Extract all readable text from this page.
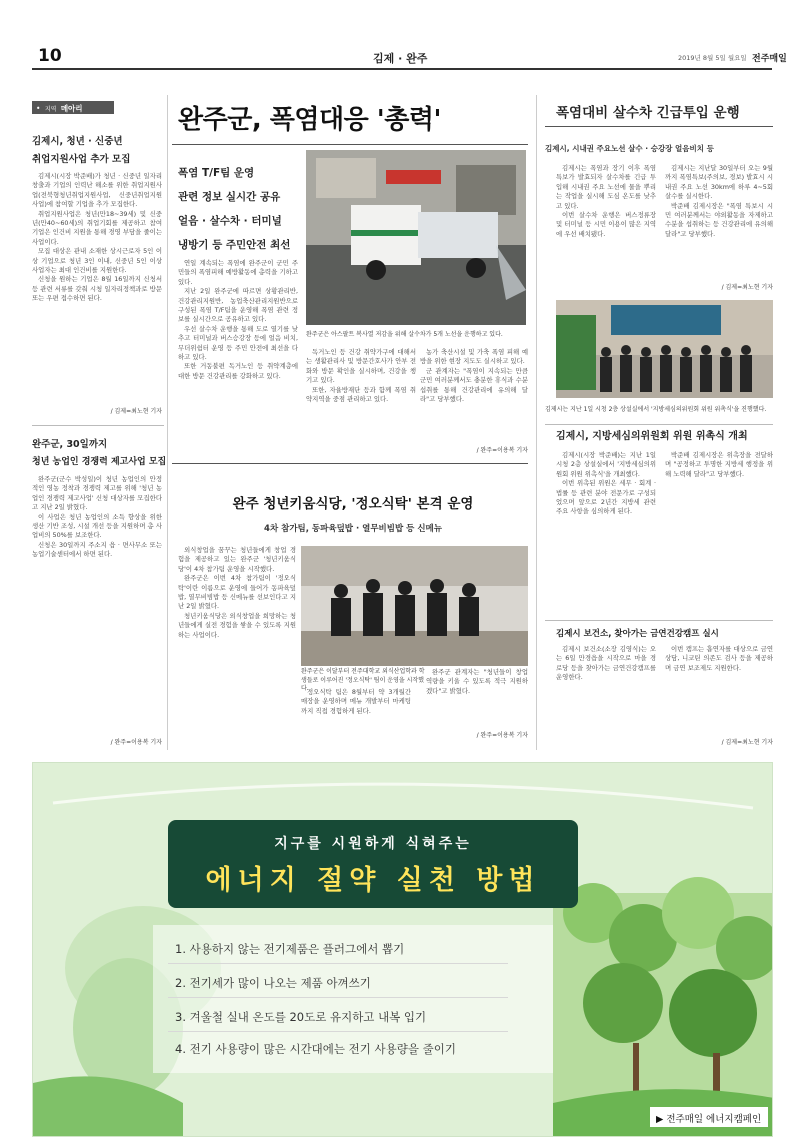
10	김제 · 완주	2019년 8월 5일 월요일 전주매일
• 지역 메아리
김제시, 청년 · 신중년
취업지원사업 추가 모집

김제시(시장 박준배)가 청년 · 신중년 일자리 창출과 기업의 인력난 해소를 위한 취업지원사업(전북형청년취업지원사업, 신중년취업지원사업)에 참여할 기업을 추가 모집한다.

취업지원사업은 청년(만18~39세) 및 신중년(만40~60세)의 취업기회를 제공하고 참여기업은 인건비 지원을 통해 경영 부담을 줄이는 사업이다.

모집 대상은 관내 소재한 상시근로자 5인 이상 기업으로 청년 3인 이내, 신중년 5인 이상 사업자는 최대 인건비를 지원한다.

신청을 원하는 기업은 8월 16일까지 신청서 등 관련 서류를 갖춰 시청 일자리정책과로 방문 또는 우편 접수하면 된다.

/ 김제=최노현 기자
완주군, 30일까지
청년 농업인 경쟁력 제고사업 모집

완주군(군수 박성일)이 청년 농업인의 안정적인 영농 정착과 경쟁력 제고를 위해 '청년 농업인 경쟁력 제고사업' 신청 대상자를 모집한다고 지난 2일 밝혔다.

이 사업은 청년 농업인의 소득 향상을 위한 생산 기반 조성, 시설 개선 등을 지원하며 총 사업비의 50%를 보조한다.

신청은 30일까지 주소지 읍 · 면사무소 또는 농업기술센터에서 하면 된다.

/ 완주=이용복 기자
완주군, 폭염대응 '총력'
폭염 T/F팀 운영
관련 정보 실시간 공유
얼음 · 살수차 · 터미널
냉방기 등 주민안전 최선
완주군은 아스팔트 복사열 저감을 위해 살수차가 5개 노선을 운행하고 있다.

연일 계속되는 폭염에 완주군이 군민 주민들의 폭염피해 예방활동에 총력을 기하고 있다.

지난 2일 완주군에 따르면 상황관리반, 건강관리지원반, 농업축산관리지원반으로 구성된 폭염 T/F팀을 운영해 폭염 관련 정보를 실시간으로 공유하고 있다.

우선 살수차 운행을 통해 도로 열기를 낮추고 터미널과 버스승강장 등에 얼음 비치, 무더위쉼터 운영 등 주민 안전에 최선을 다하고 있다.

또한 거동불편 독거노인 등 취약계층에 대한 방문 건강관리를 강화하고 있다.

독거노인 등 건강 취약가구에 대해서는 생활관리사 및 방문간호사가 안부 전화와 방문 확인을 실시하며, 건강을 챙기고 있다.

또한, 자율방재단 등과 함께 폭염 취약지역을 중점 관리하고 있다.

농가 축산시설 및 가축 폭염 피해 예방을 위한 현장 지도도 실시하고 있다.

군 관계자는 "폭염이 지속되는 만큼 군민 여러분께서도 충분한 휴식과 수분섭취를 통해 건강관리에 유의해 달라"고 당부했다.

/ 완주=이용복 기자
완주 청년키움식당, '정오식탁' 본격 운영
4차 참가팀, 동파육덮밥 · 열무비빔밥 등 신메뉴

외식창업을 꿈꾸는 청년들에게 창업 경험을 제공하고 있는 완주군 '청년키움식당'이 4차 참가팀 운영을 시작했다.

완주군은 이번 4차 참가팀이 '정오식탁'이란 이름으로 운영에 들어가 동파육덮밥, 열무비빔밥 등 신메뉴를 선보인다고 지난 2일 밝혔다.

청년키움식당은 외식창업을 희망하는 청년들에게 실전 경험을 쌓을 수 있도록 지원하는 사업이다.

완주군은 이달부터 전주대학교 외식산업학과 학생들로 이루어진 '정오식탁' 팀이 운영을 시작했다.

정오식탁 팀은 8월부터 약 3개월간 매장을 운영하며 메뉴 개발부터 마케팅까지 직접 경험하게 된다.

완주군 관계자는 "청년들이 창업 역량을 키울 수 있도록 적극 지원하겠다"고 밝혔다.

/ 완주=이용복 기자
폭염대비 살수차 긴급투입 운행
김제시, 시내권 주요노선 살수 · 승강장 얼음비치 등

김제시는 폭염과 장기 이후 폭염특보가 발효되자 살수차를 긴급 투입해 시내권 주요 노선에 물을 뿌리는 작업을 실시해 도심 온도를 낮추고 있다.

이번 살수차 운행은 버스정류장 및 터미널 등 시민 이용이 많은 지역에 우선 배치됐다.

김제시는 지난달 30일부터 오는 9월까지 폭염특보(주의보, 경보) 발효시 시내권 주요 노선 30km에 하루 4~5회 살수를 실시한다.

박준배 김제시장은 "폭염 특보시 시민 여러분께서는 야외활동을 자제하고 수분을 섭취하는 등 건강관리에 유의해 달라"고 당부했다.

/ 김제=최노현 기자
김제시는 지난 1일 시청 2층 상설실에서 '지방세심의위원회 위원 위촉식'을 진행했다.
김제시, 지방세심의위원회 위원 위촉식 개최

김제시(시장 박준배)는 지난 1일 시청 2층 상설실에서 '지방세심의위원회 위원 위촉식'을 개최했다.

이번 위촉된 위원은 세무 · 회계 · 법률 등 관련 분야 전문가로 구성되었으며 앞으로 2년간 지방세 관련 주요 사항을 심의하게 된다.

박준배 김제시장은 위촉장을 전달하며 "공정하고 투명한 지방세 행정을 위해 노력해 달라"고 당부했다.

김제시 보건소, 찾아가는 금연건강캠프 실시

김제시 보건소(소장 김영식)는 오는 6일 만경읍을 시작으로 마을 경로당 등을 찾아가는 금연건강캠프를 운영한다.

이번 캠프는 흡연자를 대상으로 금연 상담, 니코틴 의존도 검사 등을 제공하며 금연 보조제도 지원한다.

/ 김제=최노현 기자
지구를 시원하게 식혀주는
에너지 절약 실천 방법
1. 사용하지 않는 전기제품은 플러그에서 뽑기
2. 전기세가 많이 나오는 제품 아껴쓰기
3. 겨울철 실내 온도를 20도로 유지하고 내복 입기
4. 전기 사용량이 많은 시간대에는 전기 사용량을 줄이기
▶ 전주매일 에너지캠페인
